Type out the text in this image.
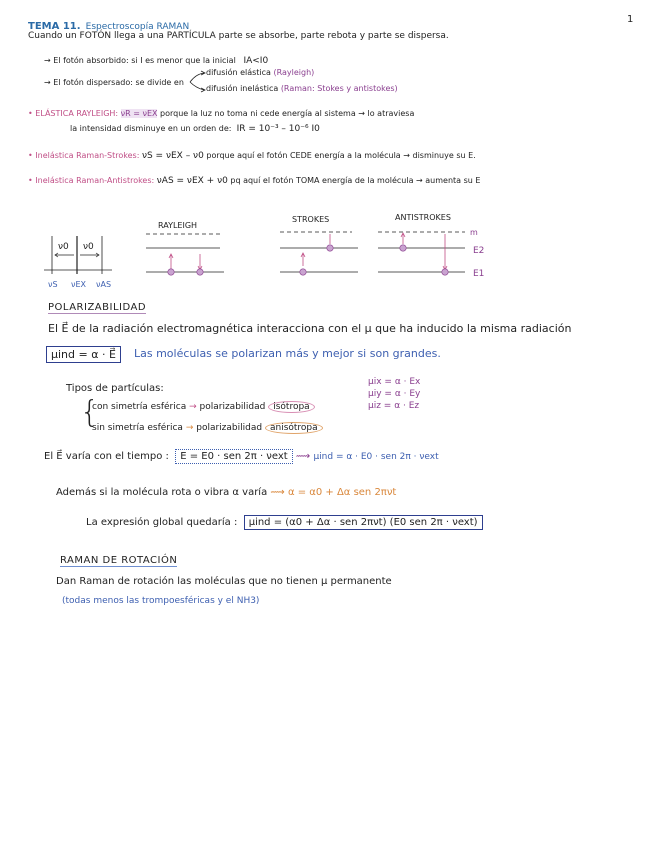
1
TEMA 11. Espectroscopía RAMAN
Cuando un FOTÓN llega a una PARTÍCULA parte se absorbe, parte rebota y parte se dispersa.
→ El fotón absorbido: si I es menor que la inicial IA<I0
→ El fotón dispersado: se divide en
difusión elástica (Rayleigh)
difusión inelástica (Raman: Stokes y antistokes)
• ELÁSTICA RAYLEIGH: νR = νEX porque la luz no toma ni cede energía al sistema → lo atraviesa
la intensidad disminuye en un orden de: IR = 10⁻³ – 10⁻⁶ I0
• Inelástica Raman-Strokes: νS = νEX – ν0 porque aquí el fotón CEDE energía a la molécula → disminuye su E.
• Inelástica Raman-Antistrokes: νAS = νEX + ν0 pq aquí el fotón TOMA energía de la molécula → aumenta su E
ν0 ν0
νS νEX νAS
RAYLEIGH
STROKES	ANTISTROKES
m
E2
E1
POLARIZABILIDAD
El E⃗ de la radiación electromagnética interacciona con el μ que ha inducido la misma radiación
μind = α · E⃗	Las moléculas se polarizan más y mejor si son grandes.
Tipos de partículas:
μix = α · Ex
μiy = α · Ey
μiz = α · Ez
{
con simetría esférica → polarizabilidad isótropa
sin simetría esférica → polarizabilidad anisótropa
El E⃗ varía con el tiempo : E = E0 · sen 2π · νext ⟿ μind = α · E0 · sen 2π · νext
Además si la molécula rota o vibra α varía ⟿ α = α0 + Δα sen 2πνt
La expresión global quedaría : μind = (α0 + Δα · sen 2πνt) (E0 sen 2π · νext)
RAMAN DE ROTACIÓN
Dan Raman de rotación las moléculas que no tienen μ permanente
(todas menos las trompoesféricas y el NH3)
